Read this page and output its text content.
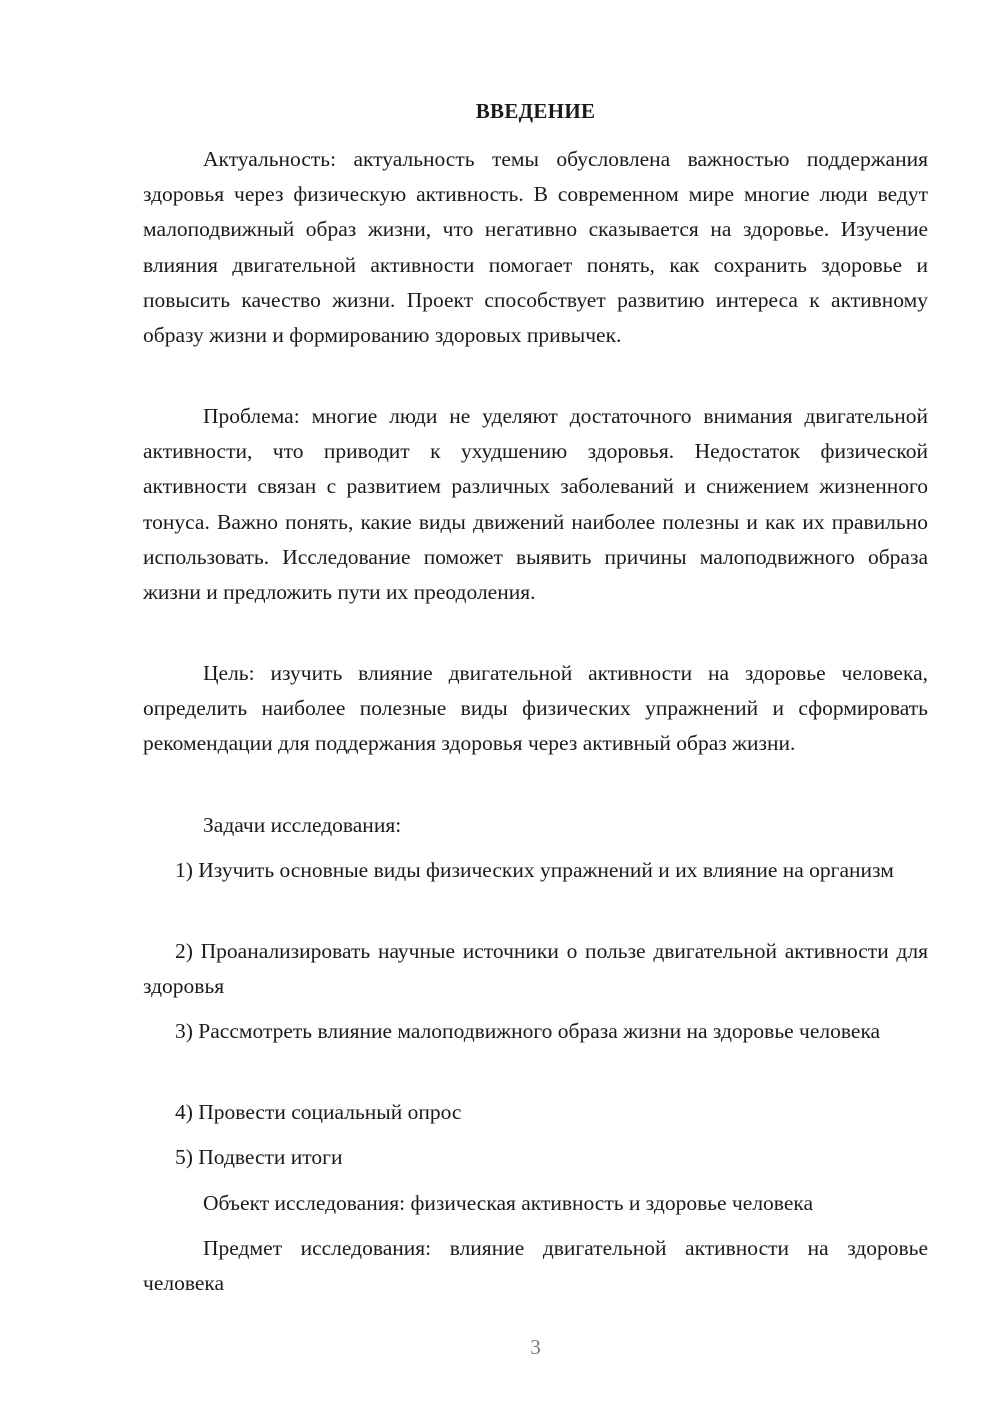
ВВЕДЕНИЕ

Актуальность: актуальность темы обусловлена важностью поддержания здоровья через физическую активность. В современном мире многие люди ведут малоподвижный образ жизни, что негативно сказывается на здоровье. Изучение влияния двигательной активности помогает понять, как сохранить здоровье и повысить качество жизни. Проект способствует развитию интереса к активному образу жизни и формированию здоровых привычек.

Проблема: многие люди не уделяют достаточного внимания двигательной активности, что приводит к ухудшению здоровья. Недостаток физической активности связан с развитием различных заболеваний и снижением жизненного тонуса. Важно понять, какие виды движений наиболее полезны и как их правильно использовать. Исследование поможет выявить причины малоподвижного образа жизни и предложить пути их преодоления.

Цель: изучить влияние двигательной активности на здоровье человека, определить наиболее полезные виды физических упражнений и сформировать рекомендации для поддержания здоровья через активный образ жизни.

Задачи исследования:

1) Изучить основные виды физических упражнений и их влияние на организм

2) Проанализировать научные источники о пользе двигательной активности для здоровья

3) Рассмотреть влияние малоподвижного образа жизни на здоровье человека

4) Провести социальный опрос

5) Подвести итоги

Объект исследования: физическая активность и здоровье человека

Предмет исследования: влияние двигательной активности на здоровье человека

3
